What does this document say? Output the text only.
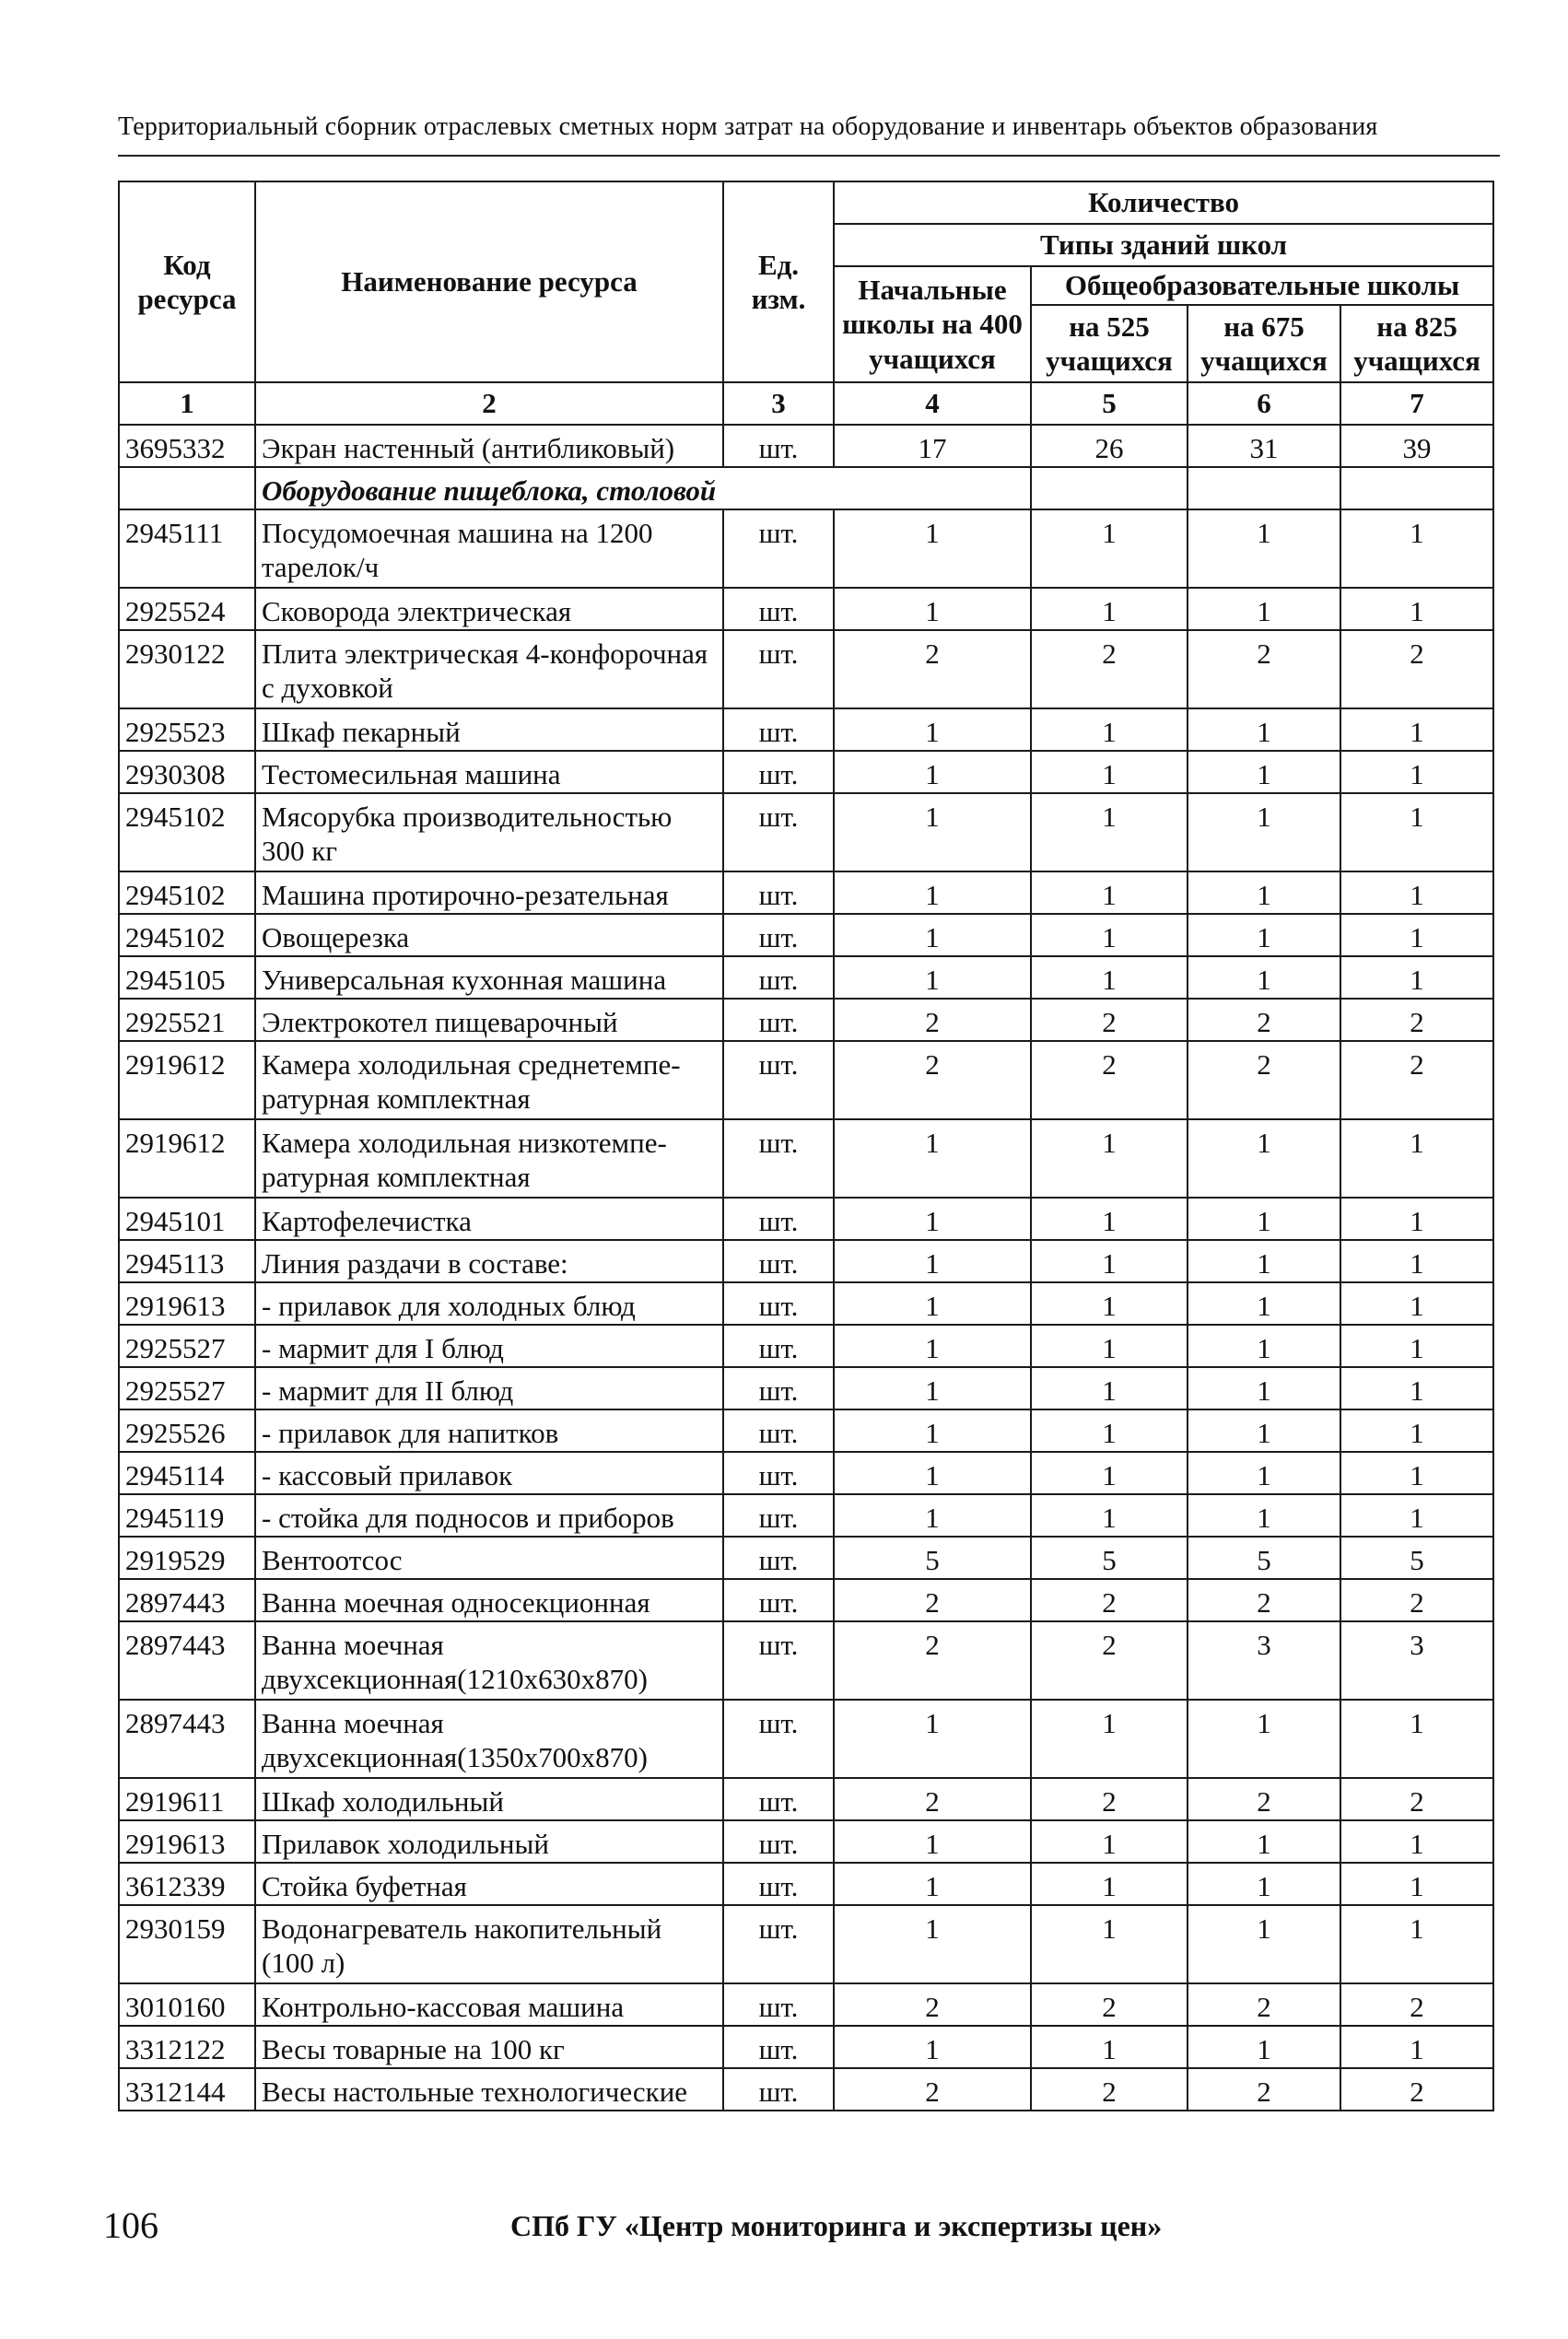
Территориальный сборник отраслевых сметных норм затрат на оборудование и инвентарь объектов образования
Код ресурса	Наименование ресурса	Ед. изм.	Количество			
			Типы зданий школ			
			Начальные школы на 400 учащихся	Общеобразовательные школы		
				на 525 учащихся	на 675 учащихся	на 825 учащихся
1	2	3	4	5	6	7
3695332	Экран настенный (антибликовый)	шт.	17	26	31	39
	Оборудование пищеблока, столовой					
2945111	Посудомоечная машина на 1200 тарелок/ч	шт.	1	1	1	1
2925524	Сковорода электрическая	шт.	1	1	1	1
2930122	Плита электрическая 4-конфорочная с духовкой	шт.	2	2	2	2
2925523	Шкаф пекарный	шт.	1	1	1	1
2930308	Тестомесильная машина	шт.	1	1	1	1
2945102	Мясорубка производительностью 300 кг	шт.	1	1	1	1
2945102	Машина протирочно-резательная	шт.	1	1	1	1
2945102	Овощерезка	шт.	1	1	1	1
2945105	Универсальная кухонная машина	шт.	1	1	1	1
2925521	Электрокотел пищеварочный	шт.	2	2	2	2
2919612	Камера холодильная среднетемпе-ратурная комплектная	шт.	2	2	2	2
2919612	Камера холодильная низкотемпе-ратурная комплектная	шт.	1	1	1	1
2945101	Картофелечистка	шт.	1	1	1	1
2945113	Линия раздачи в составе:	шт.	1	1	1	1
2919613	- прилавок для холодных блюд	шт.	1	1	1	1
2925527	- мармит для I блюд	шт.	1	1	1	1
2925527	- мармит для II блюд	шт.	1	1	1	1
2925526	- прилавок для напитков	шт.	1	1	1	1
2945114	- кассовый прилавок	шт.	1	1	1	1
2945119	- стойка для подносов и приборов	шт.	1	1	1	1
2919529	Вентоотсос	шт.	5	5	5	5
2897443	Ванна моечная односекционная	шт.	2	2	2	2
2897443	Ванна моечная двухсекционная(1210х630х870)	шт.	2	2	3	3
2897443	Ванна моечная двухсекционная(1350х700х870)	шт.	1	1	1	1
2919611	Шкаф холодильный	шт.	2	2	2	2
2919613	Прилавок холодильный	шт.	1	1	1	1
3612339	Стойка буфетная	шт.	1	1	1	1
2930159	Водонагреватель накопительный (100 л)	шт.	1	1	1	1
3010160	Контрольно-кассовая машина	шт.	2	2	2	2
3312122	Весы товарные на 100 кг	шт.	1	1	1	1
3312144	Весы настольные технологические	шт.	2	2	2	2
106	СПб ГУ «Центр мониторинга и экспертизы цен»
